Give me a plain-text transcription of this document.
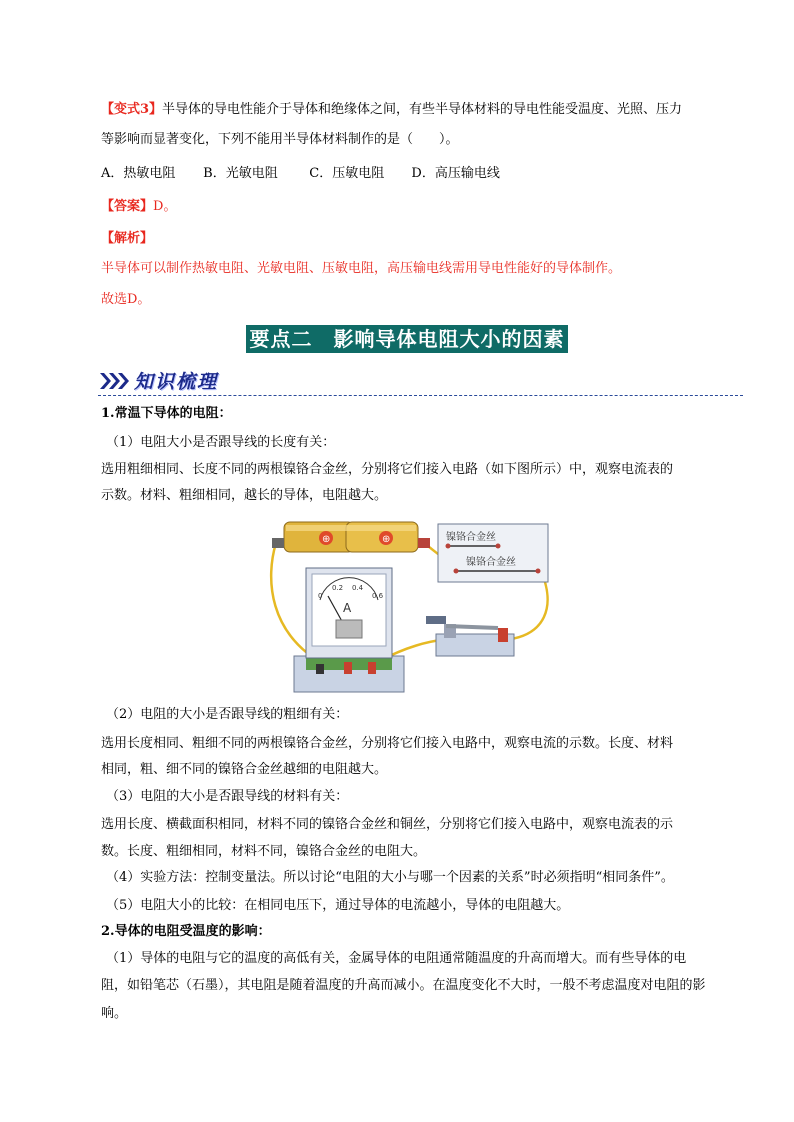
【变式3】半导体的导电性能介于导体和绝缘体之间，有些半导体材料的导电性能受温度、光照、压力
等影响而显著变化，下列不能用半导体材料制作的是（　　）。
A．热敏电阻 B．光敏电阻 C．压敏电阻 D．高压输电线
【答案】D。
【解析】
半导体可以制作热敏电阻、光敏电阻、压敏电阻，高压输电线需用导电性能好的导体制作。
故选D。
要点二　影响导体电阻大小的因素
知识梳理
1.常温下导体的电阻：
（1）电阻大小是否跟导线的长度有关：
选用粗细相同、长度不同的两根镍铬合金丝，分别将它们接入电路（如下图所示）中，观察电流表的
示数。材料、粗细相同，越长的导体，电阻越大。
⊕	⊕	镍铬合金丝
镍铬合金丝
0
0.2 0.4
0.6
A
（2）电阻的大小是否跟导线的粗细有关：
选用长度相同、粗细不同的两根镍铬合金丝，分别将它们接入电路中，观察电流的示数。长度、材料
相同，粗、细不同的镍铬合金丝越细的电阻越大。
（3）电阻的大小是否跟导线的材料有关：
选用长度、横截面积相同，材料不同的镍铬合金丝和铜丝，分别将它们接入电路中，观察电流表的示
数。长度、粗细相同，材料不同，镍铬合金丝的电阻大。
（4）实验方法：控制变量法。所以讨论“电阻的大小与哪一个因素的关系”时必须指明“相同条件”。
（5）电阻大小的比较：在相同电压下，通过导体的电流越小，导体的电阻越大。
2.导体的电阻受温度的影响：
（1）导体的电阻与它的温度的高低有关，金属导体的电阻通常随温度的升高而增大。而有些导体的电
阻，如铅笔芯（石墨），其电阻是随着温度的升高而减小。在温度变化不大时，一般不考虑温度对电阻的影
响。
